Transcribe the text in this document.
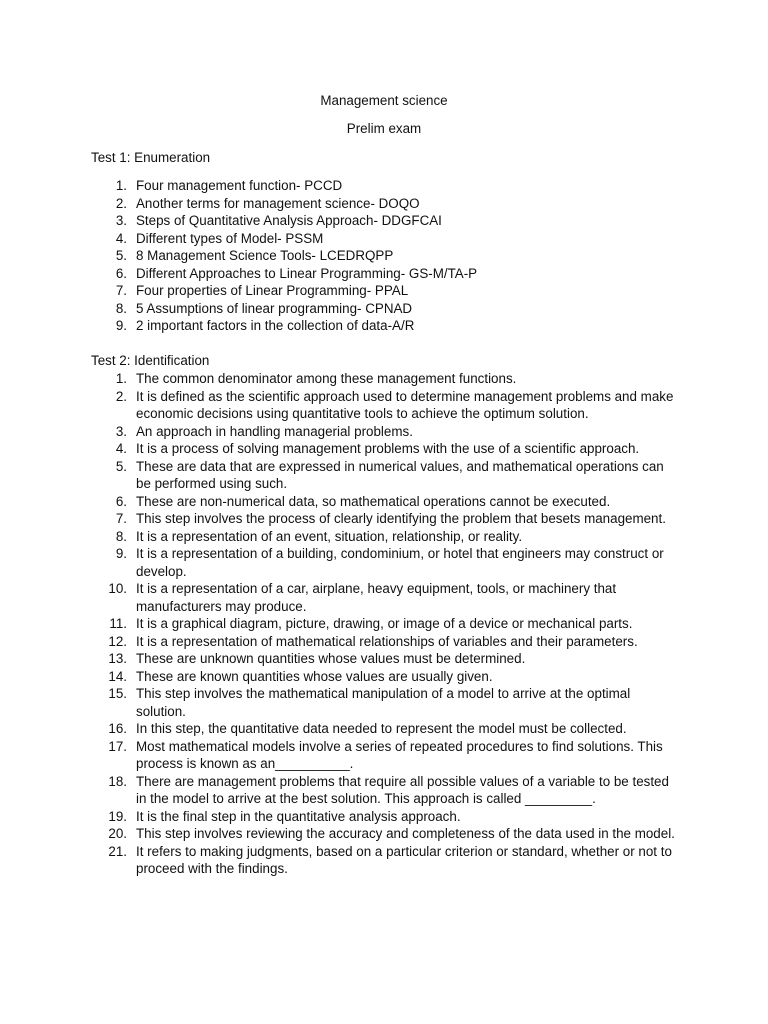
Management science
Prelim exam
Test 1: Enumeration
1. Four management function- PCCD
2. Another terms for management science- DOQO
3. Steps of Quantitative Analysis Approach- DDGFCAI
4. Different types of Model- PSSM
5. 8 Management Science Tools- LCEDRQPP
6. Different Approaches to Linear Programming- GS-M/TA-P
7. Four properties of Linear Programming- PPAL
8. 5 Assumptions of linear programming- CPNAD
9. 2 important factors in the collection of data-A/R
Test 2: Identification
1. The common denominator among these management functions.
2. It is defined as the scientific approach used to determine management problems and make economic decisions using quantitative tools to achieve the optimum solution.
3. An approach in handling managerial problems.
4. It is a process of solving management problems with the use of a scientific approach.
5. These are data that are expressed in numerical values, and mathematical operations can be performed using such.
6. These are non-numerical data, so mathematical operations cannot be executed.
7. This step involves the process of clearly identifying the problem that besets management.
8. It is a representation of an event, situation, relationship, or reality.
9. It is a representation of a building, condominium, or hotel that engineers may construct or develop.
10. It is a representation of a car, airplane, heavy equipment, tools, or machinery that manufacturers may produce.
11. It is a graphical diagram, picture, drawing, or image of a device or mechanical parts.
12. It is a representation of mathematical relationships of variables and their parameters.
13. These are unknown quantities whose values must be determined.
14. These are known quantities whose values are usually given.
15. This step involves the mathematical manipulation of a model to arrive at the optimal solution.
16. In this step, the quantitative data needed to represent the model must be collected.
17. Most mathematical models involve a series of repeated procedures to find solutions. This process is known as an__________.
18. There are management problems that require all possible values of a variable to be tested in the model to arrive at the best solution. This approach is called _________.
19. It is the final step in the quantitative analysis approach.
20. This step involves reviewing the accuracy and completeness of the data used in the model.
21. It refers to making judgments, based on a particular criterion or standard, whether or not to proceed with the findings.
